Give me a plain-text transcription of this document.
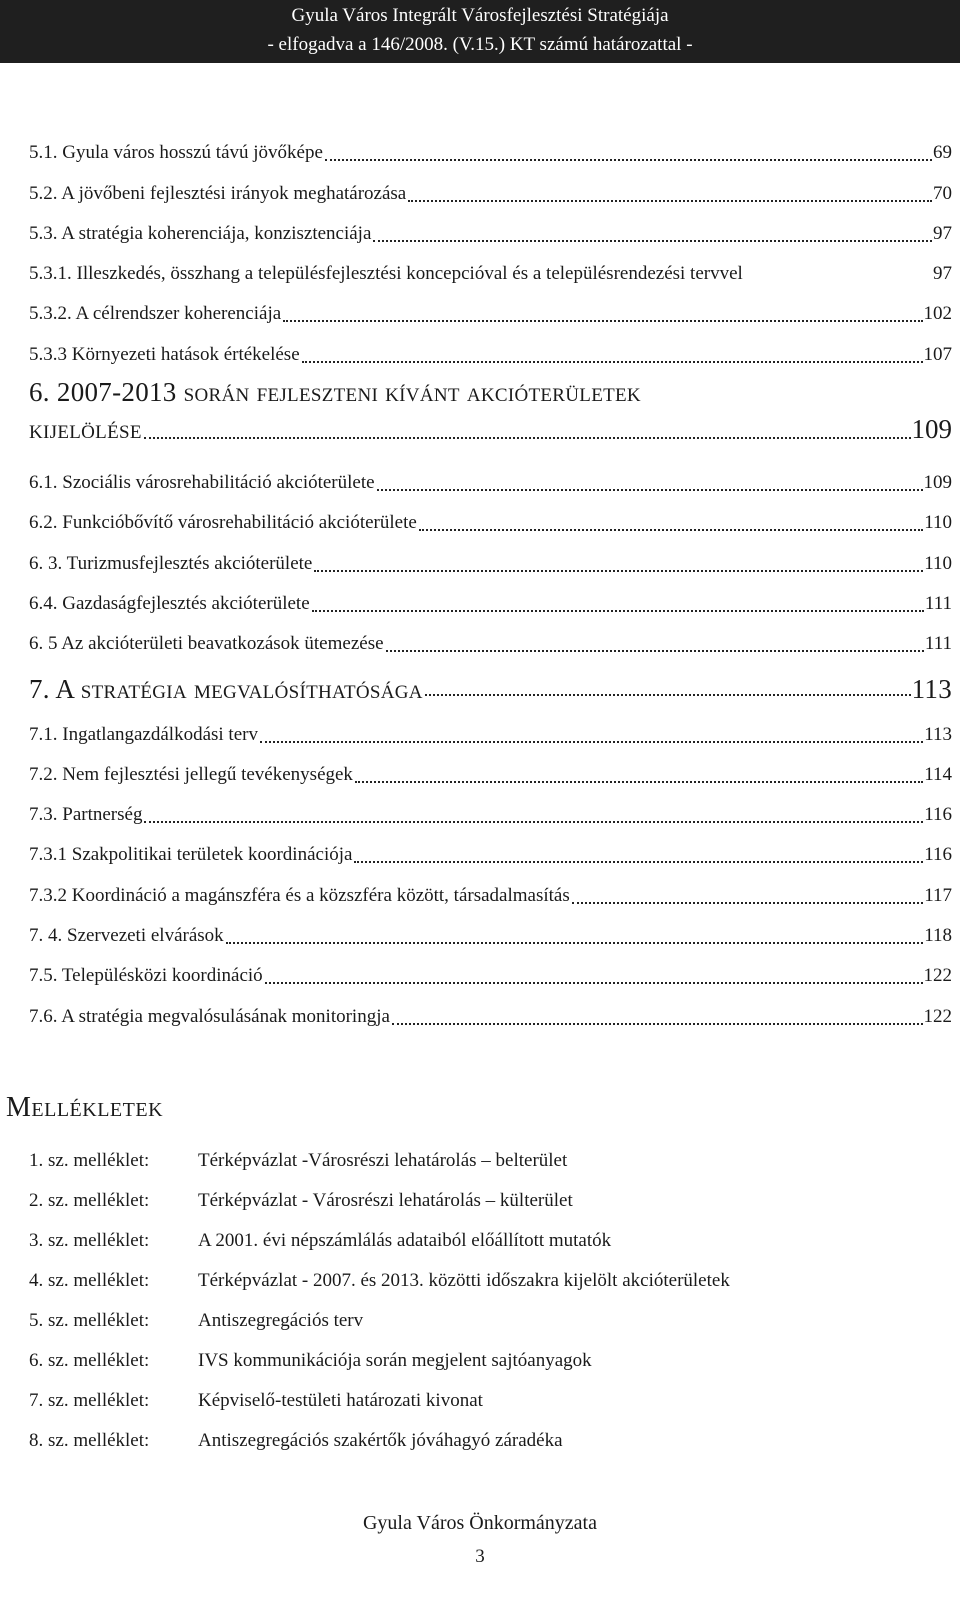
Gyula Város Integrált Városfejlesztési Stratégiája
- elfogadva a 146/2008. (V.15.) KT számú határozattal -
5.1. Gyula város hosszú távú jövőképe	69
5.2. A jövőbeni fejlesztési irányok meghatározása	70
5.3. A stratégia koherenciája, konzisztenciája	97
5.3.1. Illeszkedés, összhang a településfejlesztési koncepcióval és a településrendezési tervvel	97
5.3.2. A célrendszer koherenciája	102
5.3.3 Környezeti hatások értékelése	107
6. 2007-2013 során fejleszteni kívánt akcióterületek
kijelölése	109
6.1. Szociális városrehabilitáció akcióterülete	109
6.2. Funkcióbővítő városrehabilitáció akcióterülete	110
6. 3. Turizmusfejlesztés akcióterülete	110
6.4. Gazdaságfejlesztés akcióterülete	111
6. 5 Az akcióterületi beavatkozások ütemezése	111
7. A stratégia megvalósíthatósága	113
7.1. Ingatlangazdálkodási terv	113
7.2. Nem fejlesztési jellegű tevékenységek	114
7.3. Partnerség	116
7.3.1 Szakpolitikai területek koordinációja	116
7.3.2 Koordináció a magánszféra és a közszféra között, társadalmasítás	117
7. 4. Szervezeti elvárások	118
7.5. Településközi koordináció	122
7.6. A stratégia megvalósulásának monitoringja	122
Mellékletek
1. sz. melléklet:	Térképvázlat -Városrészi lehatárolás – belterület
2. sz. melléklet:	Térképvázlat - Városrészi lehatárolás – külterület
3. sz. melléklet:	A 2001. évi népszámlálás adataiból előállított mutatók
4. sz. melléklet:	Térképvázlat - 2007. és 2013. közötti időszakra kijelölt akcióterületek
5. sz. melléklet:	Antiszegregációs terv
6. sz. melléklet:	IVS kommunikációja során megjelent sajtóanyagok
7. sz. melléklet:	Képviselő-testületi határozati kivonat
8. sz. melléklet:	Antiszegregációs szakértők jóváhagyó záradéka
Gyula Város Önkormányzata
3
